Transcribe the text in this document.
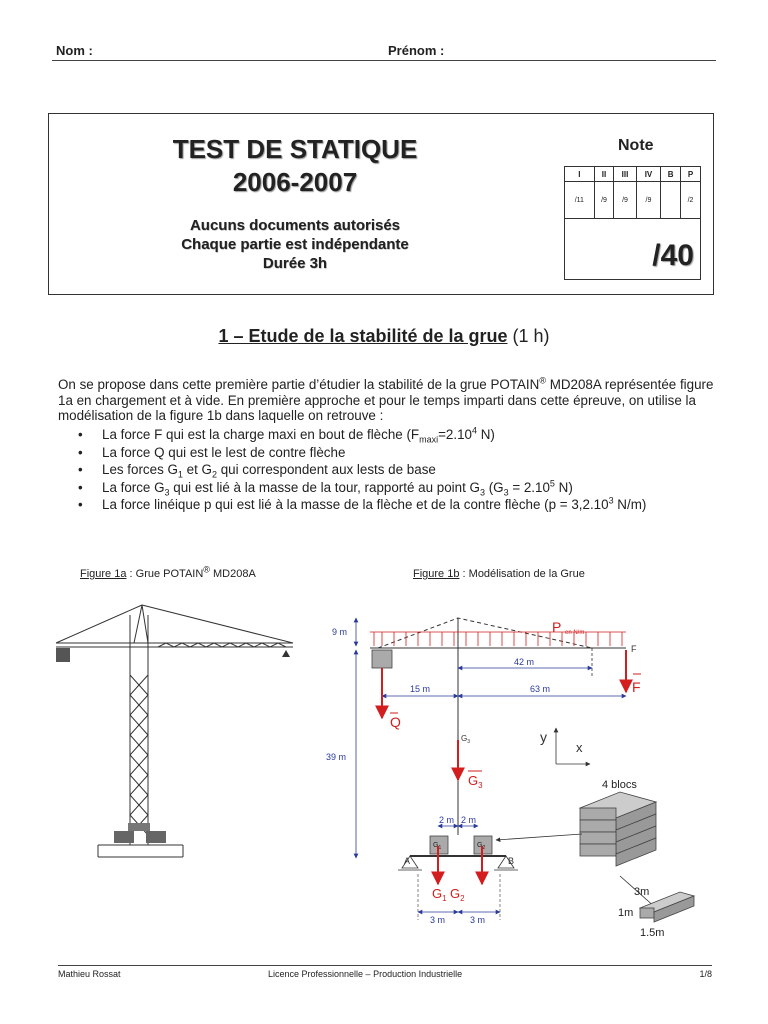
Nom :	Prénom :
TEST DE STATIQUE
2006-2007
Aucuns documents autorisés
Chaque partie est indépendante
Durée 3h
Note
I	II	III	IV	B	P
/11	/9	/9	/9		/2
/40					
1 – Etude de la stabilité de la grue (1 h)
On se propose dans cette première partie d’étudier la stabilité de la grue POTAIN® MD208A représentée figure 1a en chargement et à vide. En première approche et pour le temps imparti dans cette épreuve, on utilise la modélisation de la figure 1b dans laquelle on retrouve :
• La force F qui est la charge maxi en bout de flèche ($F_{maxi}=2.10^4$ N)
• La force Q qui est le lest de contre flèche
• Les forces $G_1$ et $G_2$ qui correspondent aux lests de base
• La force $G_3$ qui est lié à la masse de la tour, rapporté au point $G_3$ ($G_3 = 2.10^5$ N)
• La force linéique p qui est lié à la masse de la flèche et de la contre flèche ($p = 3,2.10^3$ N/m)
Figure 1a : Grue POTAIN® MD208A	Figure 1b : Modélisation de la Grue
9 m
39 m
42 m
15 m	63 m
P en N/m
F
F
Q
$G_3$
$G_3$
y
x
2 m 2 m
$G_1$	$G_2$
A	B
$G_1$ $G_2$
3 m	3 m
4 blocs
3m
1m
1.5m
Mathieu Rossat	Licence Professionnelle – Production Industrielle	1/8
